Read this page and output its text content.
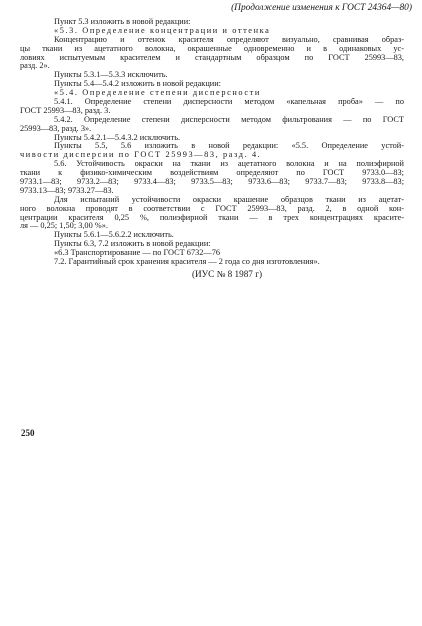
(Продолжение изменения к ГОСТ 24364—80)
Пункт 5.3 изложить в новой редакции:
«5.3. Определение концентрации и оттенка
Концентрацию и оттенок красителя определяют визуально, сравнивая образ-
цы ткани из ацетатного волокна, окрашенные одновременно и в одинаковых ус-
ловиях испытуемым красителем и стандартным образцом по ГОСТ 25993—83,
разд. 2».
Пункты 5.3.1—5.3.3 исключить.
Пункты 5.4—5.4.2 изложить в новой редакции:
«5.4. Определение степени дисперсности
5.4.1. Определение степени дисперсности методом «капельная проба» — по
ГОСТ 25993—83, разд. 3.
5.4.2. Определение степени дисперсности методом фильтрования — по ГОСТ
25993—83, разд. 3».
Пункты 5.4.2.1—5.4.3.2 исключить.
Пункты 5.5, 5.6 изложить в новой редакции: «5.5. Определение устой-
чивости дисперсии по ГОСТ 25993—83, разд. 4.
5.6. Устойчивость окраски на ткани из ацетатного волокна и на полиэфирной
ткани к физико-химическим воздействиям определяют по ГОСТ 9733.0—83;
9733.1—83; 9733.2—83; 9733.4—83; 9733.5—83; 9733.6—83; 9733.7—83; 9733.8—83;
9733.13—83; 9733.27—83.
Для испытаний устойчивости окраски крашение образцов ткани из ацетат-
ного волокна проводят в соответствии с ГОСТ 25993—83, разд. 2, в одной кон-
центрации красителя 0,25 %, полиэфирной ткани — в трех концентрациях красите-
ля — 0,25; 1,50; 3,00 %».
Пункты 5.6.1—5.6.2.2 исключить.
Пункты 6.3, 7.2 изложить в новой редакции:
«6.3 Транспортирование — по ГОСТ 6732—76
7.2. Гарантийный срок хранения красителя — 2 года со дня изготовления».
(ИУС № 8 1987 г)
250
